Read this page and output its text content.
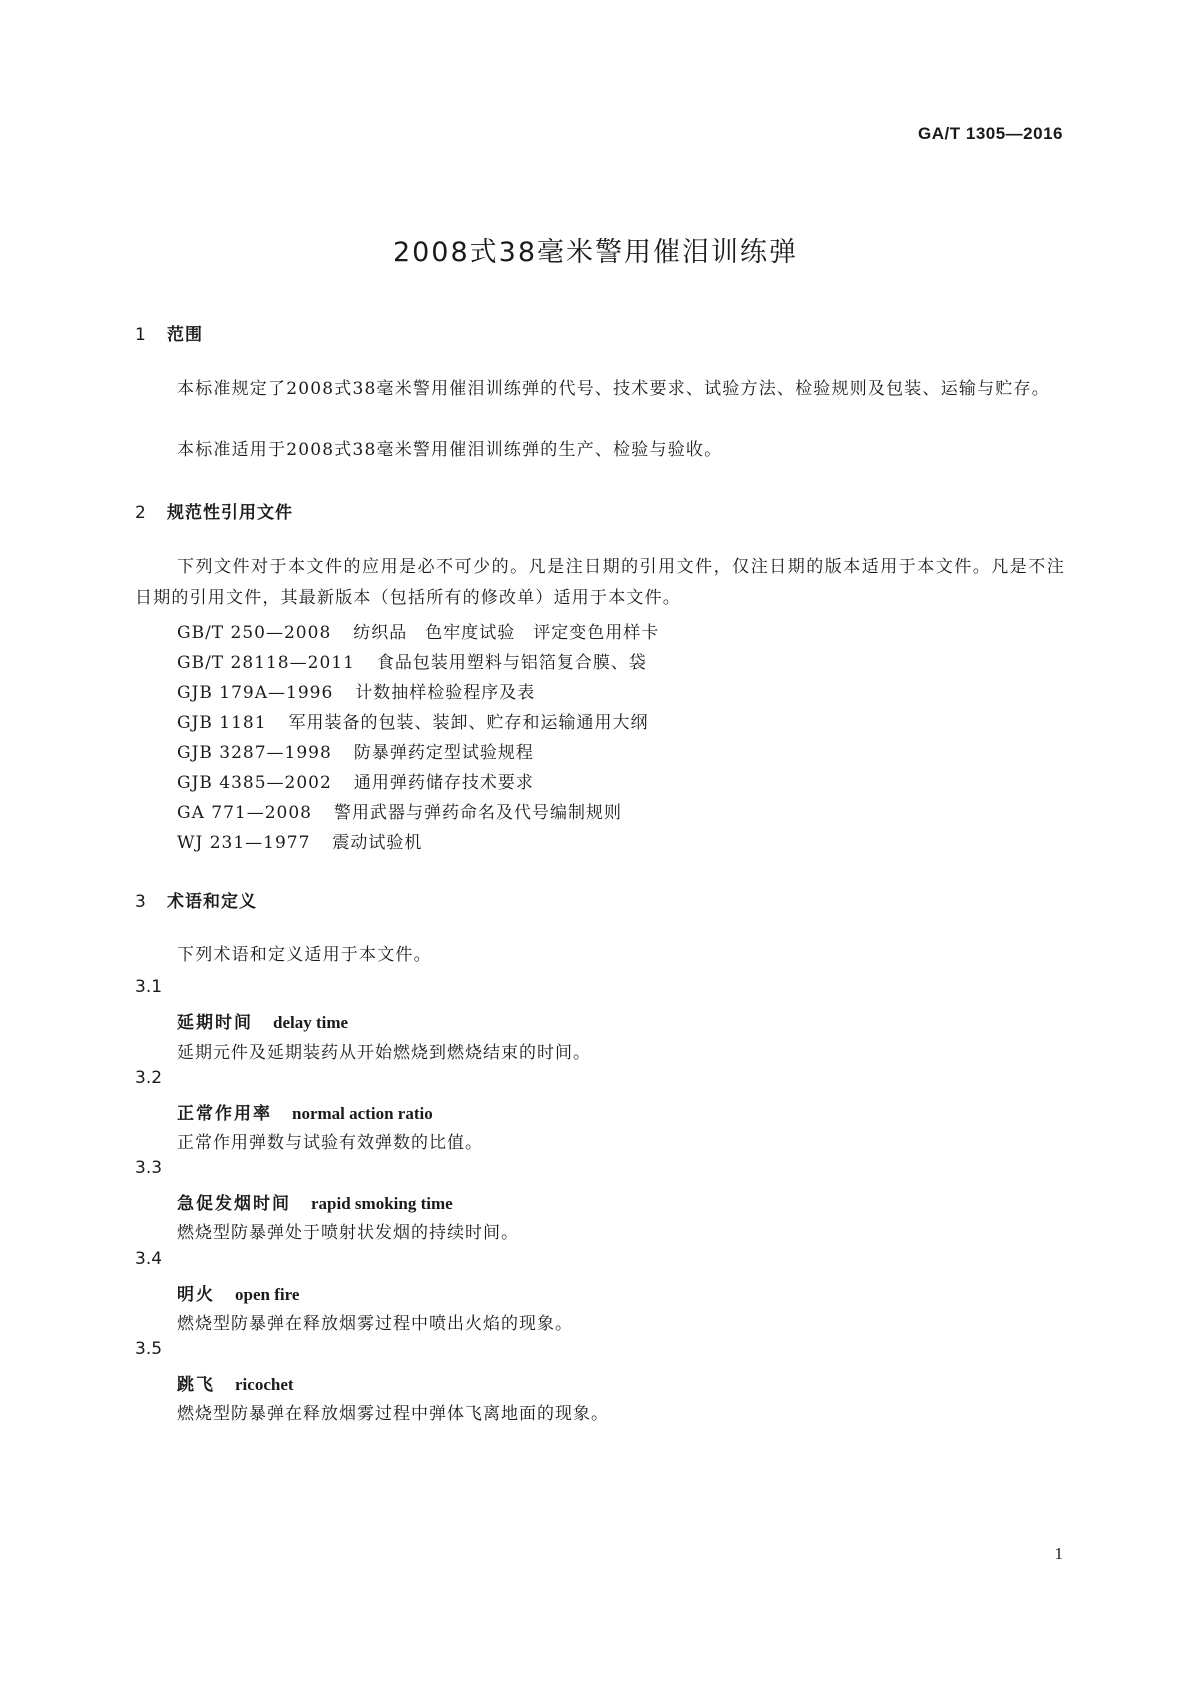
GA/T 1305—2016
2008式38毫米警用催泪训练弹
1 范围
本标准规定了2008式38毫米警用催泪训练弹的代号、技术要求、试验方法、检验规则及包装、运输与贮存。
本标准适用于2008式38毫米警用催泪训练弹的生产、检验与验收。
2 规范性引用文件
下列文件对于本文件的应用是必不可少的。凡是注日期的引用文件，仅注日期的版本适用于本文件。凡是不注日期的引用文件，其最新版本（包括所有的修改单）适用于本文件。
GB/T 250—2008 纺织品　色牢度试验　评定变色用样卡
GB/T 28118—2011 食品包装用塑料与铝箔复合膜、袋
GJB 179A—1996 计数抽样检验程序及表
GJB 1181 军用装备的包装、装卸、贮存和运输通用大纲
GJB 3287—1998 防暴弹药定型试验规程
GJB 4385—2002 通用弹药储存技术要求
GA 771—2008 警用武器与弹药命名及代号编制规则
WJ 231—1977 震动试验机
3 术语和定义
下列术语和定义适用于本文件。
3.1
延期时间 delay time
延期元件及延期装药从开始燃烧到燃烧结束的时间。
3.2
正常作用率 normal action ratio
正常作用弹数与试验有效弹数的比值。
3.3
急促发烟时间 rapid smoking time
燃烧型防暴弹处于喷射状发烟的持续时间。
3.4
明火 open fire
燃烧型防暴弹在释放烟雾过程中喷出火焰的现象。
3.5
跳飞 ricochet
燃烧型防暴弹在释放烟雾过程中弹体飞离地面的现象。
1
